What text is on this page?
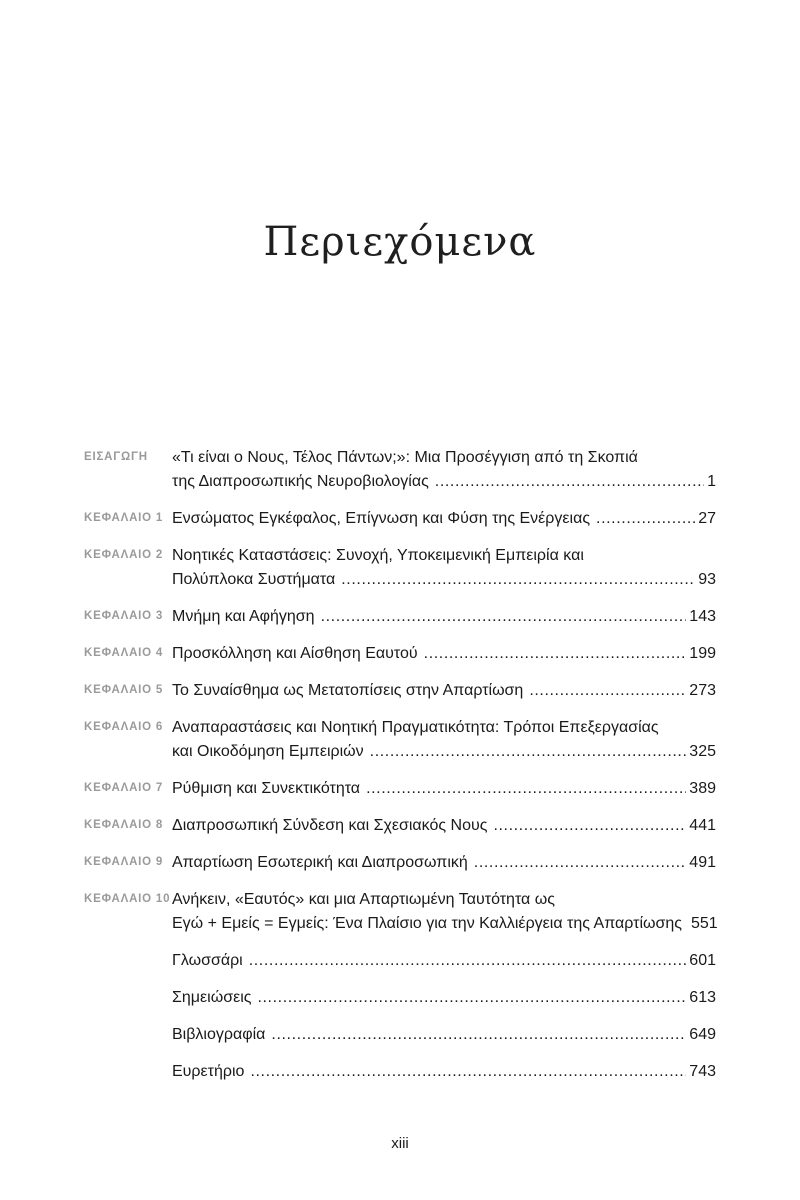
Περιεχόμενα
ΕΙΣΑΓΩΓΗ	«Τι είναι ο Νους, Τέλος Πάντων;»: Μια Προσέγγιση από τη Σκοπιά
της Διαπροσωπικής Νευροβιολογίας .....	1
ΚΕΦΑΛΑΙΟ 1 Ενσώματος Εγκέφαλος, Επίγνωση και Φύση της Ενέργειας .....	27
ΚΕΦΑΛΑΙΟ 2 Νοητικές Καταστάσεις: Συνοχή, Υποκειμενική Εμπειρία και
Πολύπλοκα Συστήματα .....	93
ΚΕΦΑΛΑΙΟ 3 Μνήμη και Αφήγηση .....	143
ΚΕΦΑΛΑΙΟ 4 Προσκόλληση και Αίσθηση Εαυτού .....	199
ΚΕΦΑΛΑΙΟ 5 Το Συναίσθημα ως Μετατοπίσεις στην Απαρτίωση .....	273
ΚΕΦΑΛΑΙΟ 6 Αναπαραστάσεις και Νοητική Πραγματικότητα: Τρόποι Επεξεργασίας
και Οικοδόμηση Εμπειριών .....	325
ΚΕΦΑΛΑΙΟ 7 Ρύθμιση και Συνεκτικότητα .....	389
ΚΕΦΑΛΑΙΟ 8 Διαπροσωπική Σύνδεση και Σχεσιακός Νους .....	441
ΚΕΦΑΛΑΙΟ 9 Απαρτίωση Εσωτερική και Διαπροσωπική .....	491
ΚΕΦΑΛΑΙΟ 10 Ανήκειν, «Εαυτός» και μια Απαρτιωμένη Ταυτότητα ως
Εγώ + Εμείς = Εγμείς: Ένα Πλαίσιο για την Καλλιέργεια της Απαρτίωσης 551
Γλωσσάρι .....	601
Σημειώσεις .....	613
Βιβλιογραφία .....	649
Ευρετήριο .....	743
xiii
